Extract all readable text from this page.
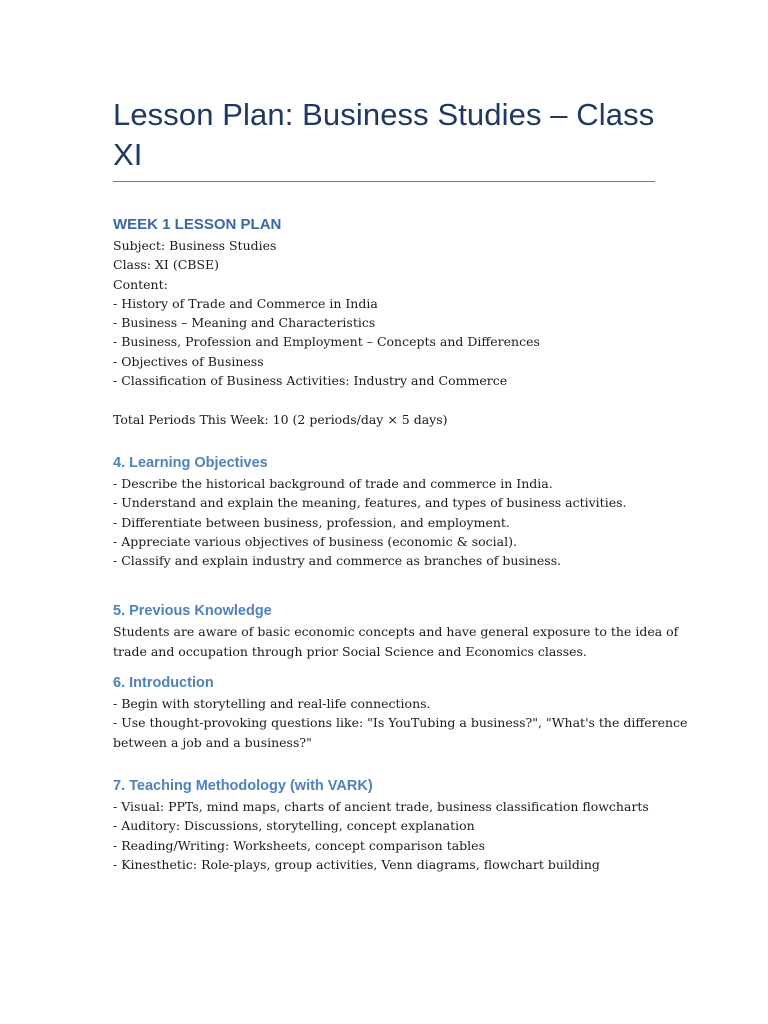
Lesson Plan: Business Studies – Class XI
WEEK 1 LESSON PLAN
Subject: Business Studies
Class: XI (CBSE)
Content:
- History of Trade and Commerce in India
- Business – Meaning and Characteristics
- Business, Profession and Employment – Concepts and Differences
- Objectives of Business
- Classification of Business Activities: Industry and Commerce
Total Periods This Week: 10 (2 periods/day × 5 days)
4. Learning Objectives
- Describe the historical background of trade and commerce in India.
- Understand and explain the meaning, features, and types of business activities.
- Differentiate between business, profession, and employment.
- Appreciate various objectives of business (economic & social).
- Classify and explain industry and commerce as branches of business.
5. Previous Knowledge
Students are aware of basic economic concepts and have general exposure to the idea of
trade and occupation through prior Social Science and Economics classes.
6. Introduction
- Begin with storytelling and real-life connections.
- Use thought-provoking questions like: "Is YouTubing a business?", "What's the difference
between a job and a business?"
7. Teaching Methodology (with VARK)
- Visual: PPTs, mind maps, charts of ancient trade, business classification flowcharts
- Auditory: Discussions, storytelling, concept explanation
- Reading/Writing: Worksheets, concept comparison tables
- Kinesthetic: Role-plays, group activities, Venn diagrams, flowchart building
